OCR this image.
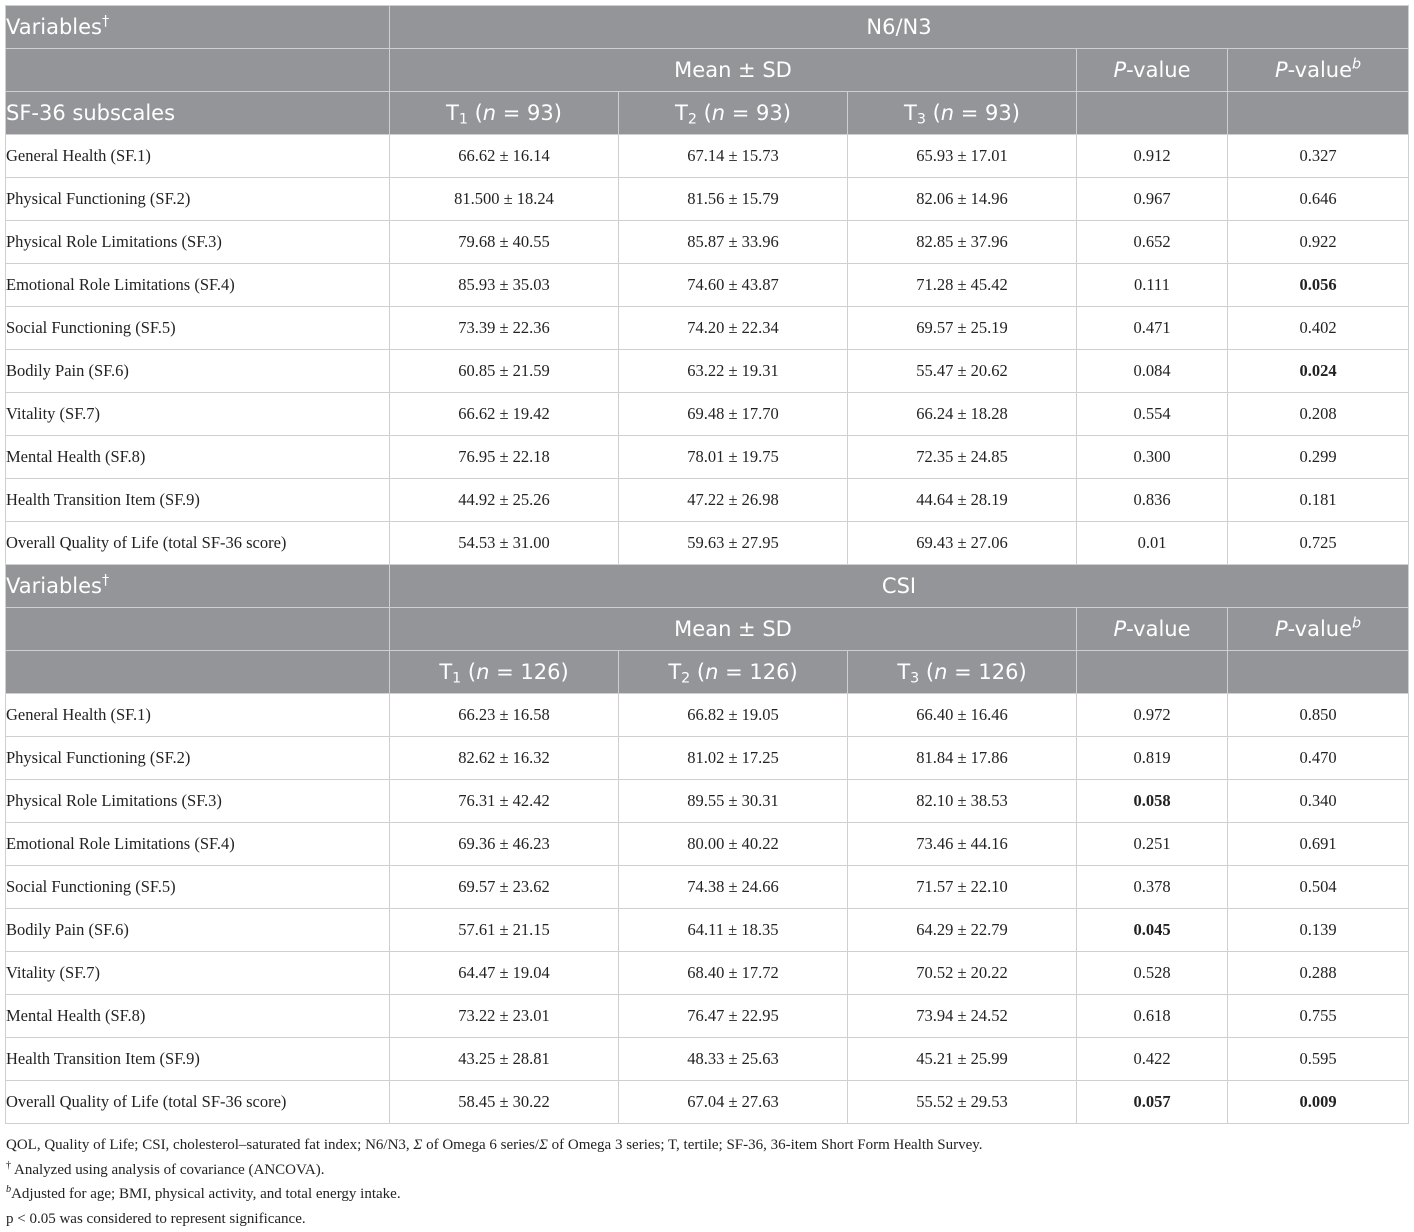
Variables†	N6/N3				
	Mean ± SD			P-value	P-value$^b$
SF-36 subscales	$T_1$ (n = 93)	$T_2$ (n = 93)	$T_3$ (n = 93)		
General Health (SF.1)	66.62 ± 16.14	67.14 ± 15.73	65.93 ± 17.01	0.912	0.327
Physical Functioning (SF.2)	81.500 ± 18.24	81.56 ± 15.79	82.06 ± 14.96	0.967	0.646
Physical Role Limitations (SF.3)	79.68 ± 40.55	85.87 ± 33.96	82.85 ± 37.96	0.652	0.922
Emotional Role Limitations (SF.4)	85.93 ± 35.03	74.60 ± 43.87	71.28 ± 45.42	0.111	0.056
Social Functioning (SF.5)	73.39 ± 22.36	74.20 ± 22.34	69.57 ± 25.19	0.471	0.402
Bodily Pain (SF.6)	60.85 ± 21.59	63.22 ± 19.31	55.47 ± 20.62	0.084	0.024
Vitality (SF.7)	66.62 ± 19.42	69.48 ± 17.70	66.24 ± 18.28	0.554	0.208
Mental Health (SF.8)	76.95 ± 22.18	78.01 ± 19.75	72.35 ± 24.85	0.300	0.299
Health Transition Item (SF.9)	44.92 ± 25.26	47.22 ± 26.98	44.64 ± 28.19	0.836	0.181
Overall Quality of Life (total SF-36 score)	54.53 ± 31.00	59.63 ± 27.95	69.43 ± 27.06	0.01	0.725
Variables†	CSI				
	Mean ± SD			P-value	P-value$^b$
	$T_1$ (n = 126)	$T_2$ (n = 126)	$T_3$ (n = 126)		
General Health (SF.1)	66.23 ± 16.58	66.82 ± 19.05	66.40 ± 16.46	0.972	0.850
Physical Functioning (SF.2)	82.62 ± 16.32	81.02 ± 17.25	81.84 ± 17.86	0.819	0.470
Physical Role Limitations (SF.3)	76.31 ± 42.42	89.55 ± 30.31	82.10 ± 38.53	0.058	0.340
Emotional Role Limitations (SF.4)	69.36 ± 46.23	80.00 ± 40.22	73.46 ± 44.16	0.251	0.691
Social Functioning (SF.5)	69.57 ± 23.62	74.38 ± 24.66	71.57 ± 22.10	0.378	0.504
Bodily Pain (SF.6)	57.61 ± 21.15	64.11 ± 18.35	64.29 ± 22.79	0.045	0.139
Vitality (SF.7)	64.47 ± 19.04	68.40 ± 17.72	70.52 ± 20.22	0.528	0.288
Mental Health (SF.8)	73.22 ± 23.01	76.47 ± 22.95	73.94 ± 24.52	0.618	0.755
Health Transition Item (SF.9)	43.25 ± 28.81	48.33 ± 25.63	45.21 ± 25.99	0.422	0.595
Overall Quality of Life (total SF-36 score)	58.45 ± 30.22	67.04 ± 27.63	55.52 ± 29.53	0.057	0.009

QOL, Quality of Life; CSI, cholesterol–saturated fat index; N6/N3, Σ of Omega 6 series/Σ of Omega 3 series; T, tertile; SF-36, 36-item Short Form Health Survey.

† Analyzed using analysis of covariance (ANCOVA).

$^b$Adjusted for age; BMI, physical activity, and total energy intake.

p < 0.05 was considered to represent significance.
